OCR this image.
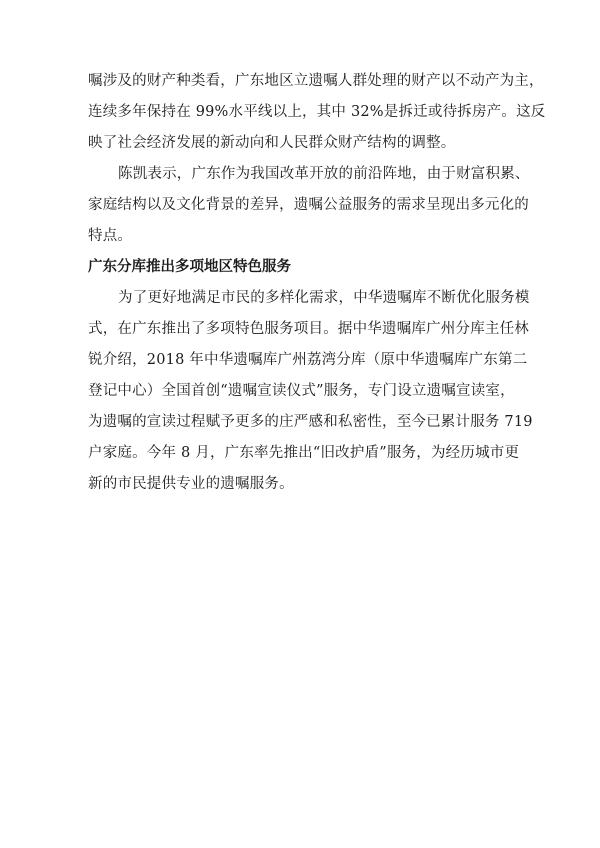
嘱涉及的财产种类看，广东地区立遗嘱人群处理的财产以不动产为主，
连续多年保持在 99%水平线以上，其中 32%是拆迁或待拆房产。这反
映了社会经济发展的新动向和人民群众财产结构的调整。
陈凯表示，广东作为我国改革开放的前沿阵地，由于财富积累、
家庭结构以及文化背景的差异，遗嘱公益服务的需求呈现出多元化的
特点。
广东分库推出多项地区特色服务
为了更好地满足市民的多样化需求，中华遗嘱库不断优化服务模
式，在广东推出了多项特色服务项目。据中华遗嘱库广州分库主任林
锐介绍，2018 年中华遗嘱库广州荔湾分库（原中华遗嘱库广东第二
登记中心）全国首创“遗嘱宣读仪式”服务，专门设立遗嘱宣读室，
为遗嘱的宣读过程赋予更多的庄严感和私密性，至今已累计服务 719
户家庭。今年 8 月，广东率先推出“旧改护盾”服务，为经历城市更
新的市民提供专业的遗嘱服务。
